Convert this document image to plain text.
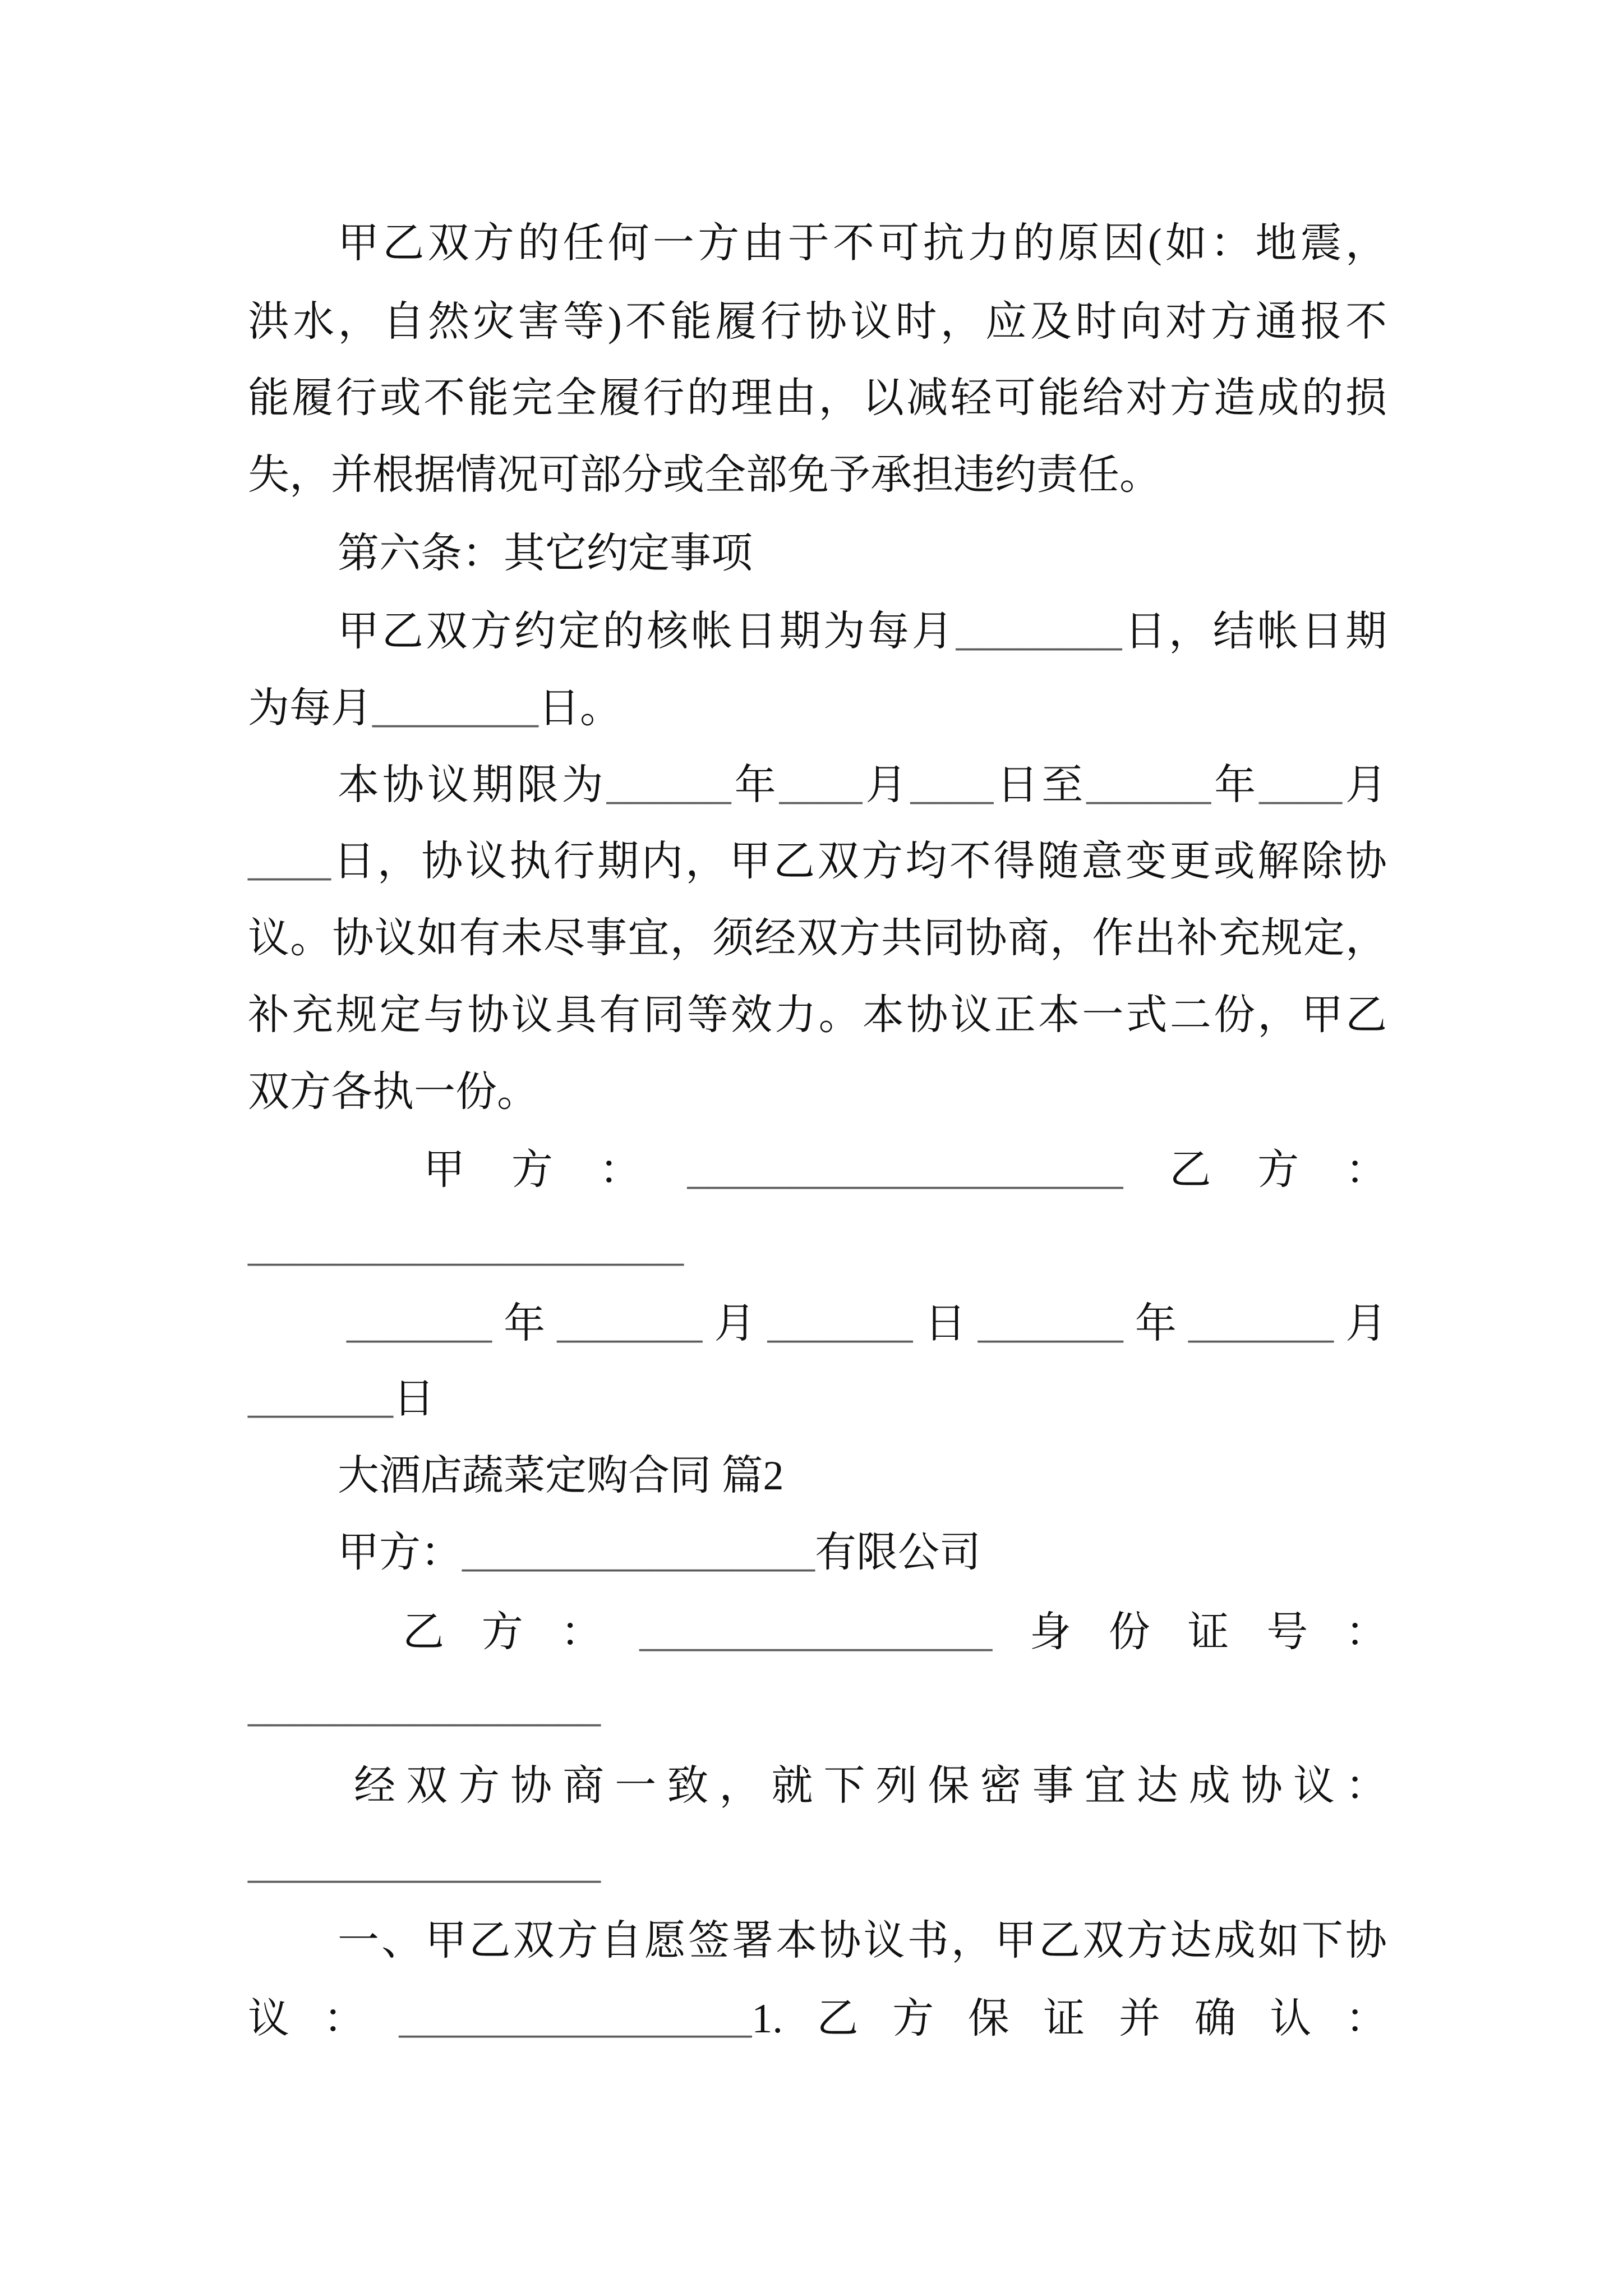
甲乙双方的任何一方由于不可抗力的原因(如：地震，
洪水，自然灾害等)不能履行协议时，应及时向对方通报不
能履行或不能完全履行的理由，以减轻可能给对方造成的损
失，并根据情况可部分或全部免予承担违约责任。
第六条：其它约定事项
甲乙双方约定的核帐日期为每月________日，结帐日期
为每月________日。
本协议期限为______年____月____日至______年____月
____日，协议执行期内，甲乙双方均不得随意变更或解除协
议。协议如有未尽事宜，须经双方共同协商，作出补充规定，
补充规定与协议具有同等效力。本协议正本一式二份，甲乙
双方各执一份。
甲方：_____________________乙方：
_____________________
_______年_______月_______日_______年_______月
_______日
大酒店蔬菜定购合同 篇2
甲方：_________________有限公司
乙方：_________________身份证号：
_________________
经双方协商一致，就下列保密事宜达成协议：
_________________
一、甲乙双方自愿签署本协议书，甲乙双方达成如下协
议：_________________1.乙方保证并确认：
